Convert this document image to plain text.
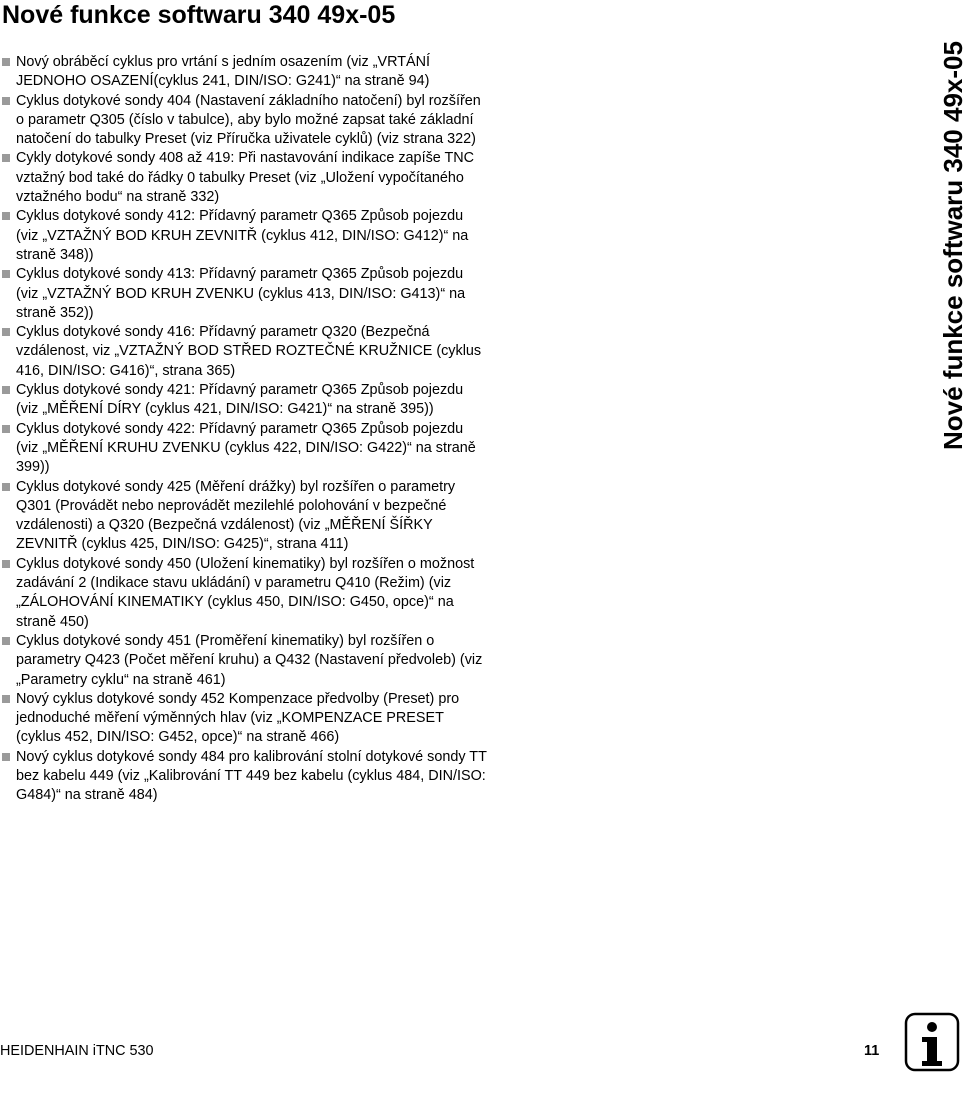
Nové funkce softwaru 340 49x-05
Nový obráběcí cyklus pro vrtání s jedním osazením (viz „VRTÁNÍ JEDNOHO OSAZENÍ(cyklus 241, DIN/ISO: G241)“ na straně 94)
Cyklus dotykové sondy 404 (Nastavení základního natočení) byl rozšířen o parametr Q305 (číslo v tabulce), aby bylo možné zapsat také základní natočení do tabulky Preset (viz Příručka uživatele cyklů) (viz strana 322)
Cykly dotykové sondy 408 až 419: Při nastavování indikace zapíše TNC vztažný bod také do řádky 0 tabulky Preset (viz „Uložení vypočítaného vztažného bodu“ na straně 332)
Cyklus dotykové sondy 412: Přídavný parametr Q365 Způsob pojezdu (viz „VZTAŽNÝ BOD KRUH ZEVNITŘ (cyklus 412, DIN/ISO: G412)“ na straně 348))
Cyklus dotykové sondy 413: Přídavný parametr Q365 Způsob pojezdu (viz „VZTAŽNÝ BOD KRUH ZVENKU (cyklus 413, DIN/ISO: G413)“ na straně 352))
Cyklus dotykové sondy 416: Přídavný parametr Q320 (Bezpečná vzdálenost, viz „VZTAŽNÝ BOD STŘED ROZTEČNÉ KRUŽNICE (cyklus 416, DIN/ISO: G416)“, strana 365)
Cyklus dotykové sondy 421: Přídavný parametr Q365 Způsob pojezdu (viz „MĚŘENÍ DÍRY (cyklus 421, DIN/ISO: G421)“ na straně 395))
Cyklus dotykové sondy 422: Přídavný parametr Q365 Způsob pojezdu (viz „MĚŘENÍ KRUHU ZVENKU (cyklus 422, DIN/ISO: G422)“ na straně 399))
Cyklus dotykové sondy 425 (Měření drážky) byl rozšířen o parametry Q301 (Provádět nebo neprovádět mezilehlé polohování v bezpečné vzdálenosti) a Q320 (Bezpečná vzdálenost) (viz „MĚŘENÍ ŠÍŘKY ZEVNITŘ (cyklus 425, DIN/ISO: G425)“, strana 411)
Cyklus dotykové sondy 450 (Uložení kinematiky) byl rozšířen o možnost zadávání 2 (Indikace stavu ukládání) v parametru Q410 (Režim) (viz „ZÁLOHOVÁNÍ KINEMATIKY (cyklus 450, DIN/ISO: G450, opce)“ na straně 450)
Cyklus dotykové sondy 451 (Proměření kinematiky) byl rozšířen o parametry Q423 (Počet měření kruhu) a Q432 (Nastavení předvoleb) (viz „Parametry cyklu“ na straně 461)
Nový cyklus dotykové sondy 452 Kompenzace předvolby (Preset) pro jednoduché měření výměnných hlav (viz „KOMPENZACE PRESET (cyklus 452, DIN/ISO: G452, opce)“ na straně 466)
Nový cyklus dotykové sondy 484 pro kalibrování stolní dotykové sondy TT bez kabelu 449 (viz „Kalibrování TT 449 bez kabelu (cyklus 484, DIN/ISO: G484)“ na straně 484)
Nové funkce softwaru 340 49x-05
HEIDENHAIN iTNC 530	11
